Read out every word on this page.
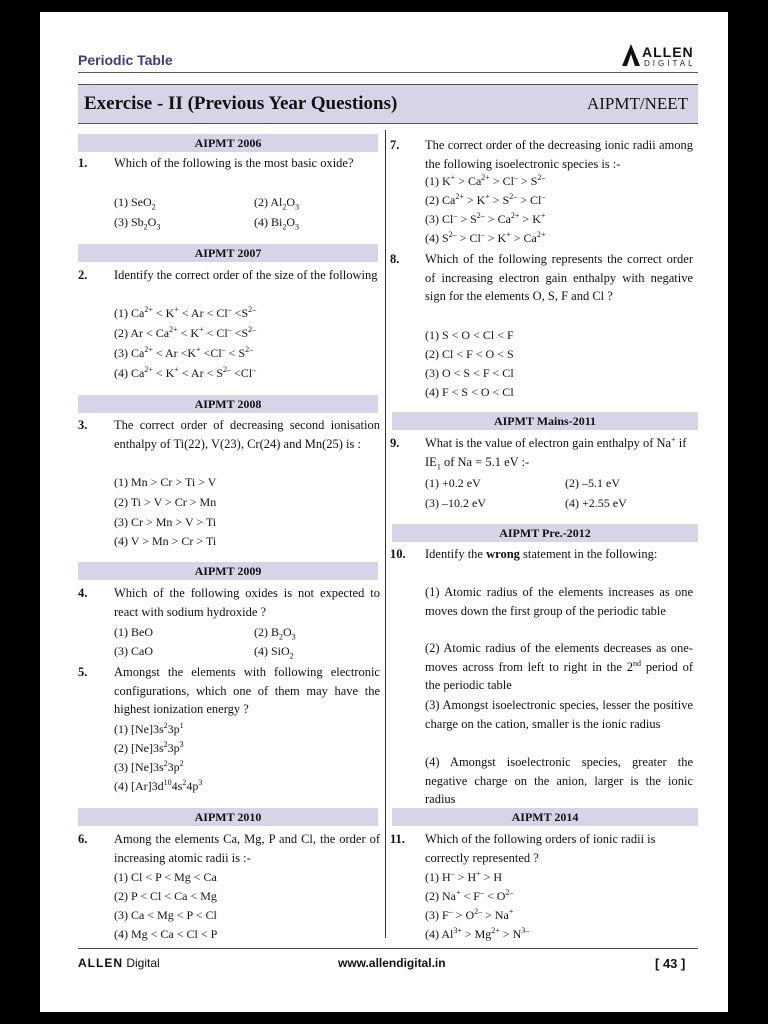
Periodic Table	ALLEN
DIGITAL
Exercise - II (Previous Year Questions)	AIPMT/NEET
AIPMT 2006
1. Which of the following is the most basic oxide?
(1) SeO$_2$	(2) $Al_2O_3$
(3) $Sb_2O_3$	(4) $Bi_2O_3$
AIPMT 2007
2. Identify the correct order of the size of the following
(1) $Ca^{2+} < K^+ < Ar < Cl^- <S^{2-}$
(2) $Ar < Ca^{2+} < K^+ < Cl^- <S^{2-}$
(3) $Ca^{2+} < Ar <K^+ <Cl^- < S^{2-}$
(4) $Ca^{2+} < K^+ < Ar < S^{2-} <Cl^-$
AIPMT 2008
3. The correct order of decreasing second ionisation enthalpy of Ti(22), V(23), Cr(24) and Mn(25) is :
(1) Mn > Cr > Ti > V
(2) Ti > V > Cr > Mn
(3) Cr > Mn > V > Ti
(4) V > Mn > Cr > Ti
AIPMT 2009
4. Which of the following oxides is not expected to react with sodium hydroxide ?
(1) BeO	(2) $B_2O_3$
(3) CaO	(4) SiO$_2$
5. Amongst the elements with following electronic configurations, which one of them may have the highest ionization energy ?
(1) $[Ne]3s^23p^1$
(2) $[Ne]3s^23p^3$
(3) $[Ne]3s^23p^2$
(4) $[Ar]3d^{10}4s^24p^3$
AIPMT 2010
6. Among the elements Ca, Mg, P and Cl, the order of increasing atomic radii is :-
(1) Cl < P < Mg < Ca
(2) P < Cl < Ca < Mg
(3) Ca < Mg < P < Cl
(4) Mg < Ca < Cl < P
7. The correct order of the decreasing ionic radii among the following isoelectronic species is :-
(1) $K^+ > Ca^{2+} > Cl^- > S^{2-}$
(2) $Ca^{2+} > K^+ > S^{2-} > Cl^-$
(3) $Cl^- > S^{2-} > Ca^{2+} > K^+$
(4) $S^{2-} > Cl^- > K^+ > Ca^{2+}$
8. Which of the following represents the correct order of increasing electron gain enthalpy with negative sign for the elements O, S, F and Cl ?
(1) S < O < Cl < F
(2) Cl < F < O < S
(3) O < S < F < Cl
(4) F < S < O < Cl
AIPMT Mains-2011
9. What is the value of electron gain enthalpy of Na+ if $IE_1$ of Na = 5.1 eV :-
(1) +0.2 eV	(2) –5.1 eV
(3) –10.2 eV	(4) +2.55 eV
AIPMT Pre.-2012
10. Identify the wrong statement in the following:
(1) Atomic radius of the elements increases as one moves down the first group of the periodic table
(2) Atomic radius of the elements decreases as one-moves across from left to right in the 2nd period of the periodic table
(3) Amongst isoelectronic species, lesser the positive charge on the cation, smaller is the ionic radius
(4) Amongst isoelectronic species, greater the negative charge on the anion, larger is the ionic radius
AIPMT 2014
11. Which of the following orders of ionic radii is correctly represented ?
(1) H– > H+ > H
(2) $Na^+ < F^- < O^{2-}$
(3) $F^- > O^{2-} > Na^+$
(4) $Al^{3+} > Mg^{2+} > N^{3-}$
ALLEN Digital	www.allendigital.in	[ 43 ]
